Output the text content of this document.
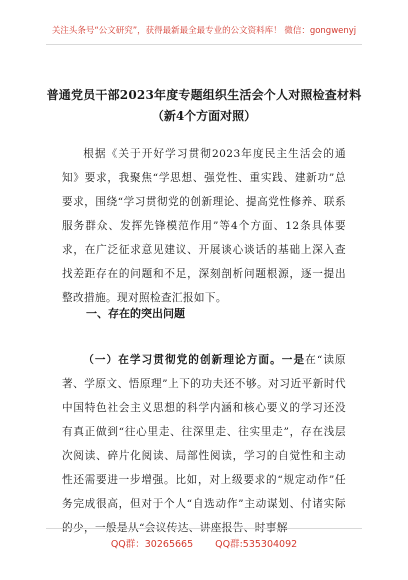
关注头条号“公文研究”，获得最新最全最专业的公文资料库！ 微信：gongwenyj
普通党员干部2023年度专题组织生活会个人对照检查材料
（新4个方面对照）
根据《关于开好学习贯彻2023年度民主生活会的通知》要求，我聚焦“学思想、强党性、重实践、建新功”总要求，围绕“学习贯彻党的创新理论、提高党性修养、联系服务群众、发挥先锋模范作用”等4个方面、12条具体要求，在广泛征求意见建议、开展谈心谈话的基础上深入查找差距存在的问题和不足，深刻剖析问题根源，逐一提出整改措施。现对照检查汇报如下。
一、存在的突出问题
（一）在学习贯彻党的创新理论方面。一是在“读原著、学原文、悟原理”上下的功夫还不够。对习近平新时代中国特色社会主义思想的科学内涵和核心要义的学习还没有真正做到“往心里走、往深里走、往实里走”，存在浅层次阅读、碎片化阅读、局部性阅读，学习的自觉性和主动性还需要进一步增强。比如，对上级要求的“规定动作”任务完成很高，但对于个人“自选动作”主动谋划、付诸实际的少，一般是从“会议传达、讲座报告、时事解
QQ群：30265665 QQ群:535304092
